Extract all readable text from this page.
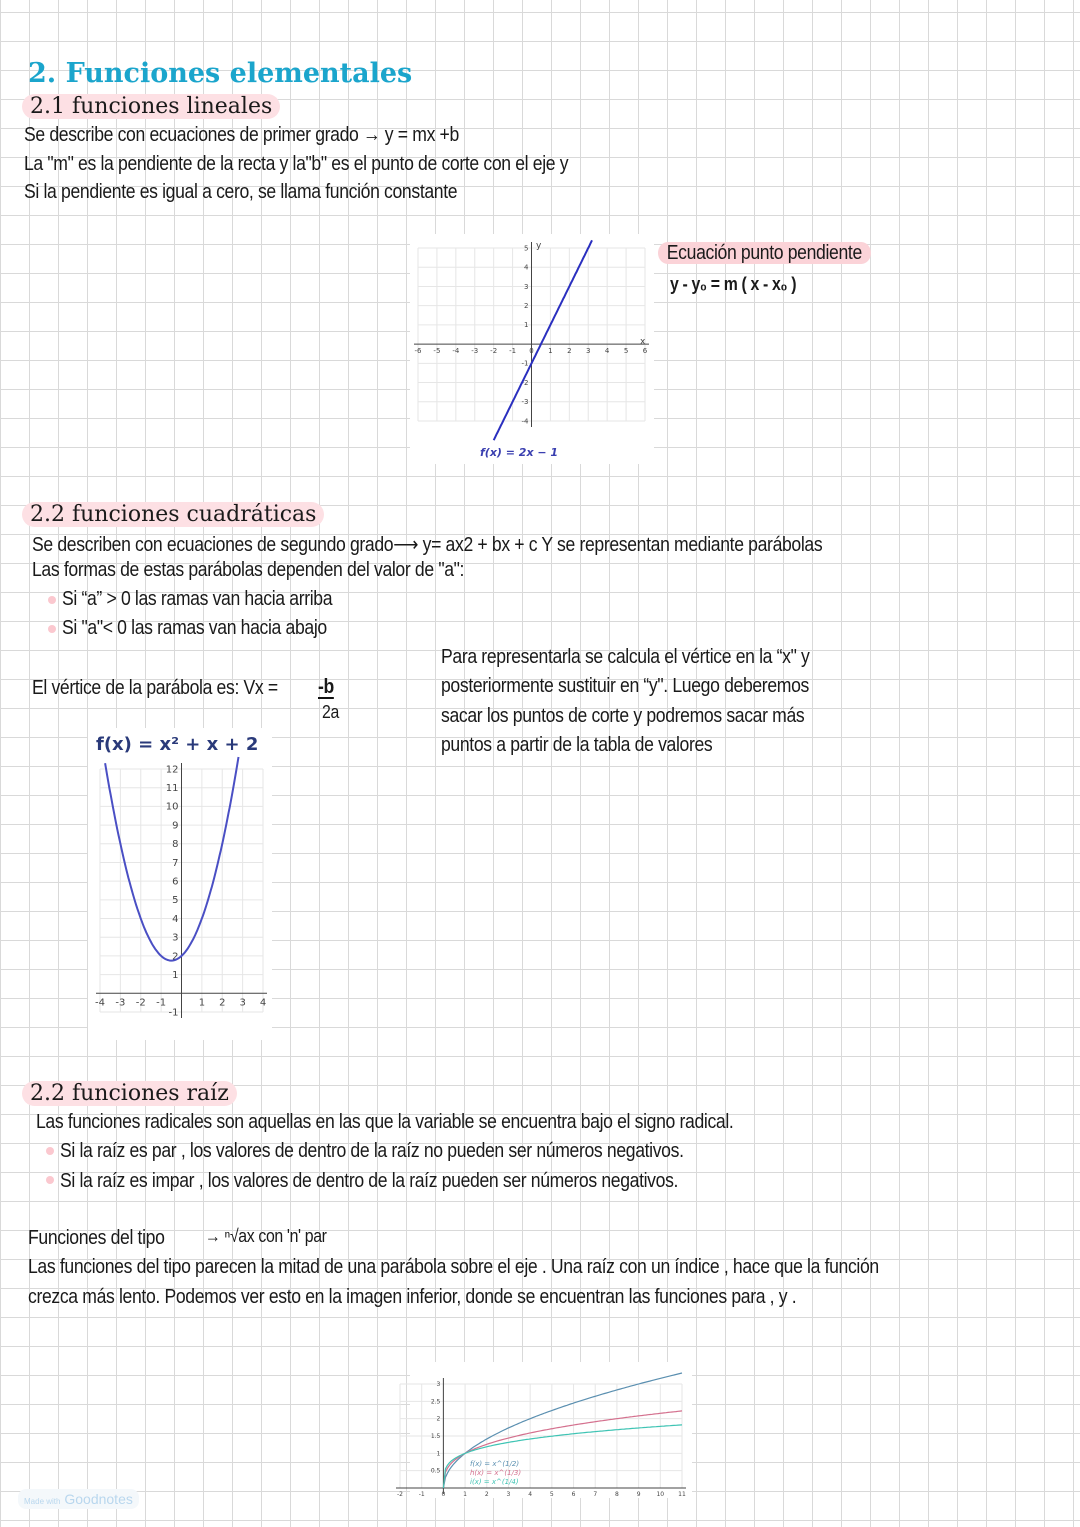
2. Funciones elementales
2.1 funciones lineales
Se describe con ecuaciones de primer grado → y = mx +b
La "m" es la pendiente de la recta y la"b" es el punto de corte con el eje y
Si la pendiente es igual a cero, se llama función constante
-6 -5 -4 -3 -2 -1 0 1 2 3 4 5 6
-4
-3
-2
-1
1
2
3
4
5
f(x) = 2x − 1
y
x
Ecuación punto pendiente
y - y₀ = m ( x - x₀ )
2.2 funciones cuadráticas
Se describen con ecuaciones de segundo grado⟶ y= ax2 + bx + c Y se representan mediante parábolas
Las formas de estas parábolas dependen del valor de "a":
Si “a” > 0 las ramas van hacia arriba
Si "a"< 0 las ramas van hacia abajo
El vértice de la parábola es: Vx = -b
2a
Para representarla se calcula el vértice en la “x" y
posteriormente sustituir en “y". Luego deberemos
sacar los puntos de corte y podremos sacar más
puntos a partir de la tabla de valores
-4 -3 -2 -1	1 2 3 4
-1
1
2
3
4
5
6
7
8
9
10
11
12
f(x) = x² + x + 2
2.2 funciones raíz
Las funciones radicales son aquellas en las que la variable se encuentra bajo el signo radical.
Si la raíz es par , los valores de dentro de la raíz no pueden ser números negativos.
Si la raíz es impar , los valores de dentro de la raíz pueden ser números negativos.
Funciones del tipo → ⁿ√ax con 'n' par
Las funciones del tipo parecen la mitad de una parábola sobre el eje . Una raíz con un índice , hace que la función
crezca más lento. Podemos ver esto en la imagen inferior, donde se encuentran las funciones para , y .
-2	-1	0	1	2	3	4	5	6	7	8	9	10 11
0.5
1
1.5
2
2.5
3
f(x) = x^(1/2)
h(x) = x^(1/3)
i(x) = x^(1/4)
Made with Goodnotes
